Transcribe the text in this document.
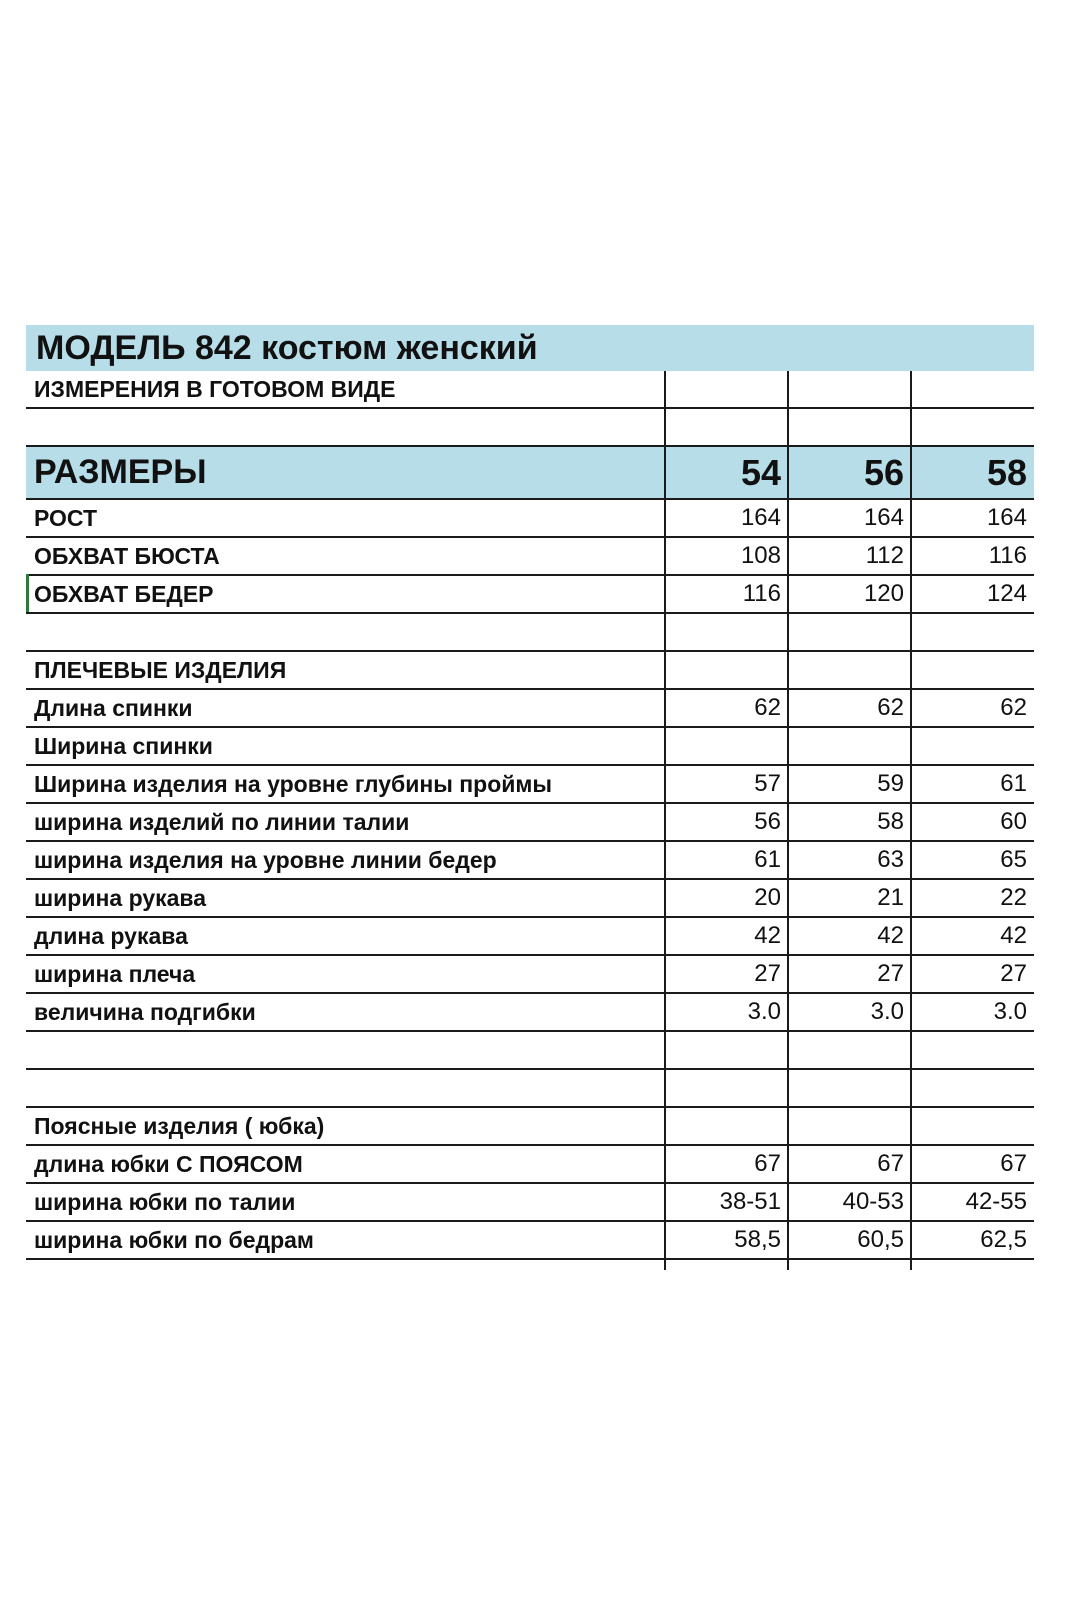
МОДЕЛЬ 842 костюм женский
ИЗМЕРЕНИЯ В ГОТОВОМ ВИДЕ
РАЗМЕРЫ	54	56	58
РОСТ	164	164	164
ОБХВАТ БЮСТА	108	112	116
ОБХВАТ БЕДЕР	116	120	124
ПЛЕЧЕВЫЕ ИЗДЕЛИЯ
Длина спинки	62	62	62
Ширина спинки
Ширина изделия на уровне глубины проймы	57	59	61
ширина изделий по линии талии	56	58	60
ширина изделия на уровне линии бедер	61	63	65
ширина рукава	20	21	22
длина рукава	42	42	42
ширина плеча	27	27	27
величина подгибки	3.0	3.0	3.0
Поясные изделия ( юбка)
длина юбки С ПОЯСОМ	67	67	67
ширина юбки по талии	38-51	40-53	42-55
ширина юбки по бедрам	58,5	60,5	62,5
